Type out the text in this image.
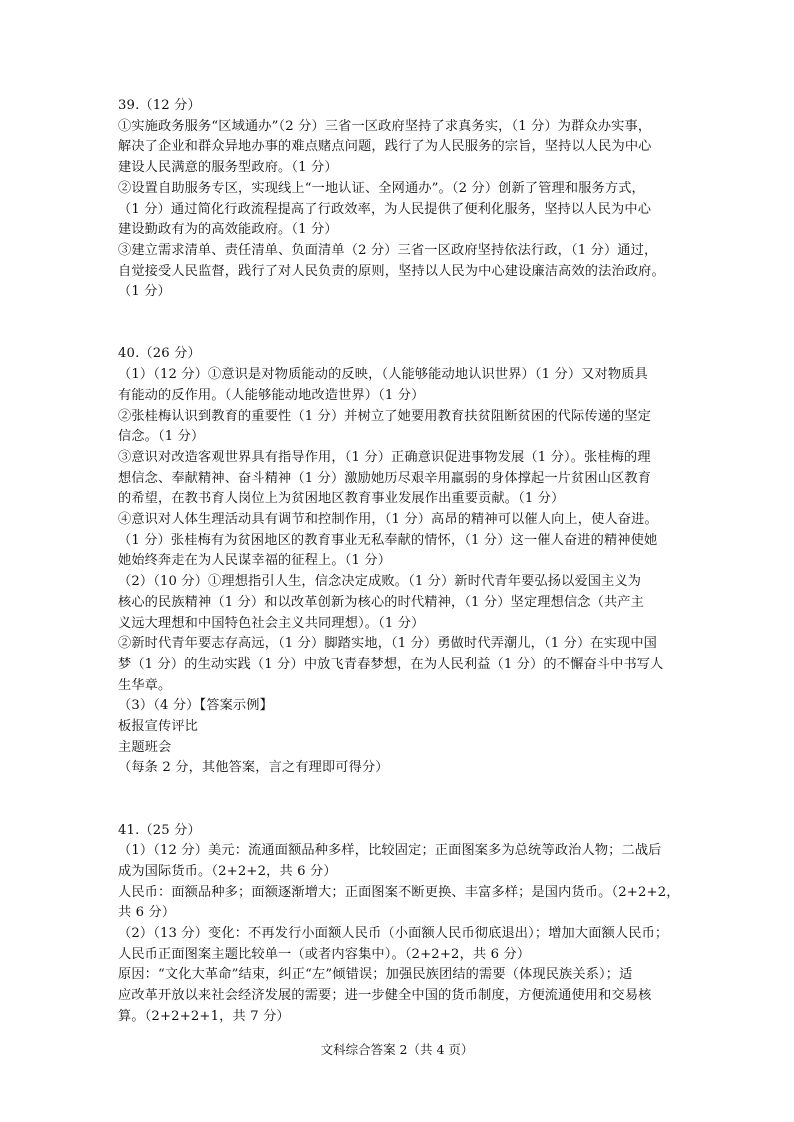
39.（12 分）
①实施政务服务“区域通办”（2 分）三省一区政府坚持了求真务实，（1 分）为群众办实事，
解决了企业和群众异地办事的难点赌点问题，践行了为人民服务的宗旨，坚持以人民为中心
建设人民满意的服务型政府。（1 分）
②设置自助服务专区，实现线上“一地认证、全网通办”。（2 分）创新了管理和服务方式，
（1 分）通过简化行政流程提高了行政效率，为人民提供了便利化服务，坚持以人民为中心
建设勤政有为的高效能政府。（1 分）
③建立需求清单、责任清单、负面清单（2 分）三省一区政府坚持依法行政，（1 分）通过，
自觉接受人民监督，践行了对人民负责的原则，坚持以人民为中心建设廉洁高效的法治政府。
（1 分）
40.（26 分）
（1）（12 分）①意识是对物质能动的反映，（人能够能动地认识世界）（1 分）又对物质具
有能动的反作用。（人能够能动地改造世界）（1 分）
②张桂梅认识到教育的重要性（1 分）并树立了她要用教育扶贫阻断贫困的代际传递的坚定
信念。（1 分）
③意识对改造客观世界具有指导作用，（1 分）正确意识促进事物发展（1 分）。张桂梅的理
想信念、奉献精神、奋斗精神（1 分）激励她历尽艰辛用羸弱的身体撑起一片贫困山区教育
的希望，在教书育人岗位上为贫困地区教育事业发展作出重要贡献。（1 分）
④意识对人体生理活动具有调节和控制作用，（1 分）高昂的精神可以催人向上，使人奋进。
（1 分）张桂梅有为贫困地区的教育事业无私奉献的情怀，（1 分）这一催人奋进的精神使她
她始终奔走在为人民谋幸福的征程上。（1 分）
（2）（10 分）①理想指引人生，信念决定成败。（1 分）新时代青年要弘扬以爱国主义为
核心的民族精神（1 分）和以改革创新为核心的时代精神，（1 分）坚定理想信念（共产主
义远大理想和中国特色社会主义共同理想）。（1 分）
②新时代青年要志存高远，（1 分）脚踏实地，（1 分）勇做时代弄潮儿，（1 分）在实现中国
梦（1 分）的生动实践（1 分）中放飞青春梦想，在为人民利益（1 分）的不懈奋斗中书写人
生华章。
（3）（4 分）【答案示例】
板报宣传评比
主题班会
（每条 2 分，其他答案，言之有理即可得分）
41.（25 分）
（1）（12 分）美元：流通面额品种多样，比较固定；正面图案多为总统等政治人物；二战后
成为国际货币。（2+2+2，共 6 分）
人民币：面额品种多；面额逐渐增大；正面图案不断更换、丰富多样；是国内货币。（2+2+2，
共 6 分）
（2）（13 分）变化：不再发行小面额人民币（小面额人民币彻底退出）；增加大面额人民币；
人民币正面图案主题比较单一（或者内容集中）。（2+2+2，共 6 分）
原因：“文化大革命”结束，纠正“左”倾错误；加强民族团结的需要（体现民族关系）；适
应改革开放以来社会经济发展的需要；进一步健全中国的货币制度，方便流通使用和交易核
算。（2+2+2+1，共 7 分）
文科综合答案 2（共 4 页）
